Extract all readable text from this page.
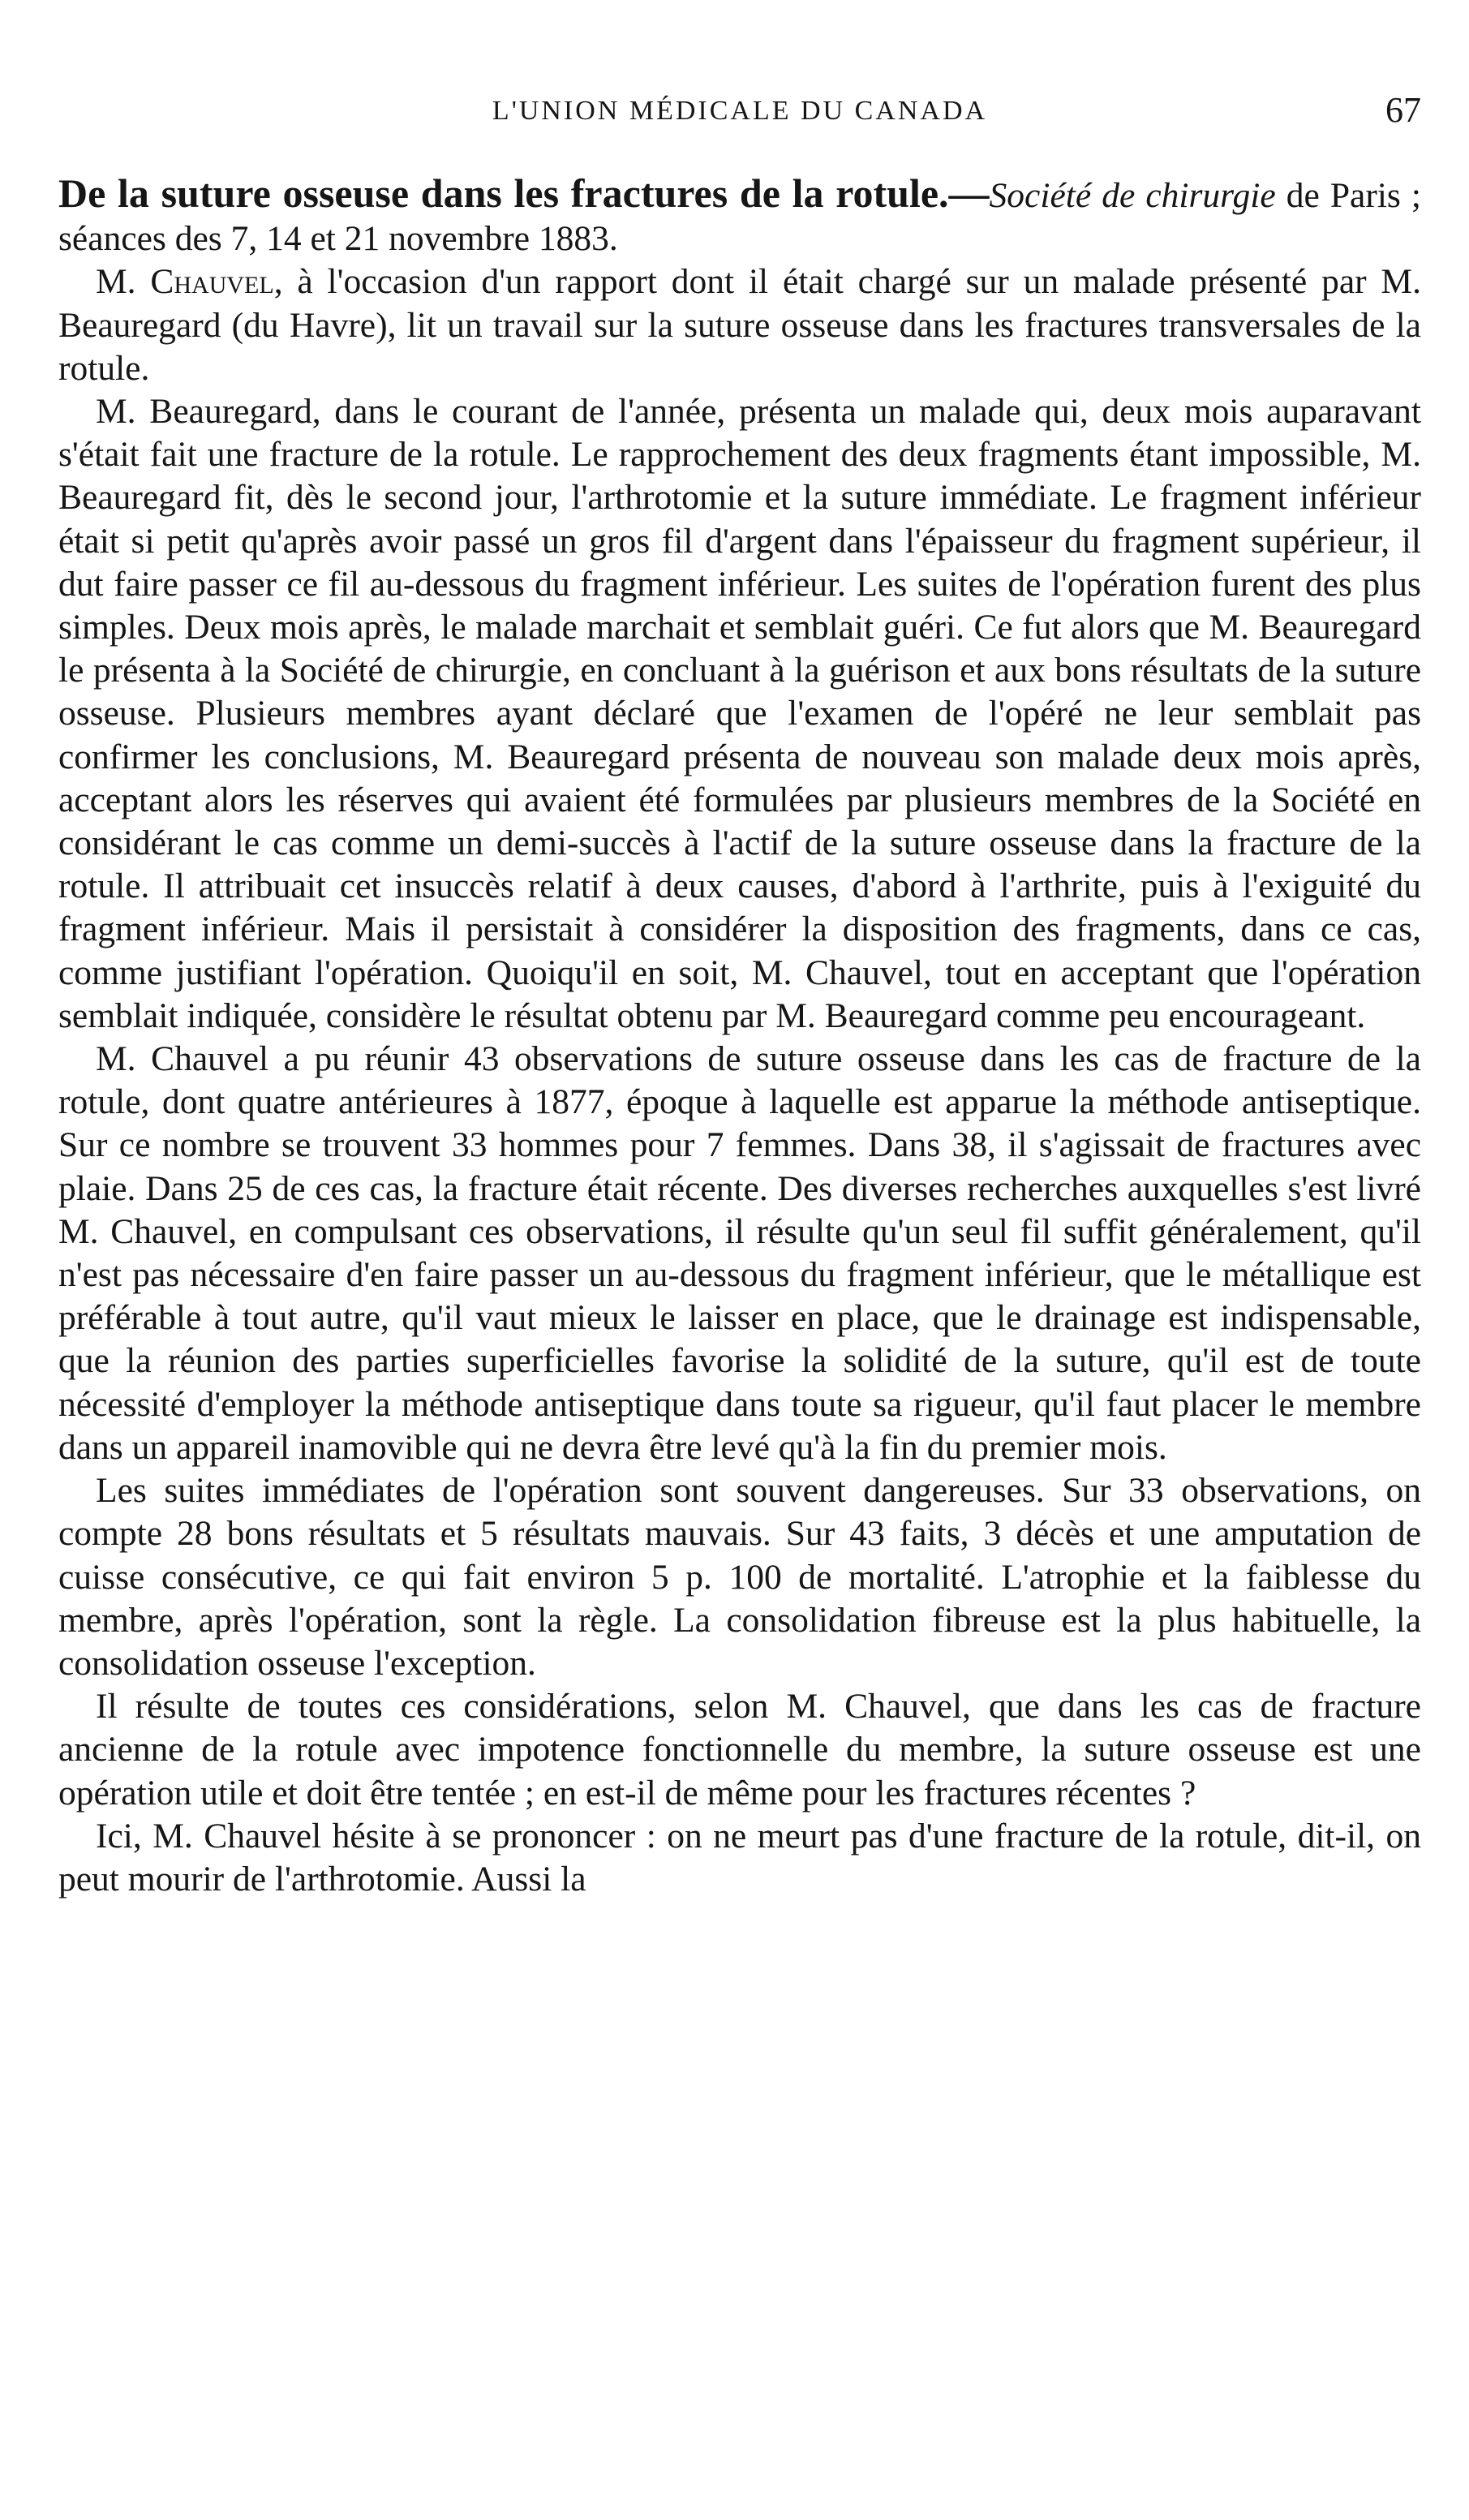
L'UNION MÉDICALE DU CANADA	67

De la suture osseuse dans les fractures de la rotule.—Société de chirurgie de Paris ; séances des 7, 14 et 21 novembre 1883.

M. Chauvel, à l'occasion d'un rapport dont il était chargé sur un malade présenté par M. Beauregard (du Havre), lit un travail sur la suture osseuse dans les fractures transversales de la rotule.

M. Beauregard, dans le courant de l'année, présenta un malade qui, deux mois auparavant s'était fait une fracture de la rotule. Le rapprochement des deux fragments étant impossible, M. Beauregard fit, dès le second jour, l'arthrotomie et la suture immédiate. Le fragment inférieur était si petit qu'après avoir passé un gros fil d'argent dans l'épaisseur du fragment supérieur, il dut faire passer ce fil au-dessous du fragment inférieur. Les suites de l'opération furent des plus simples. Deux mois après, le malade marchait et semblait guéri. Ce fut alors que M. Beauregard le présenta à la Société de chirurgie, en concluant à la guérison et aux bons résultats de la suture osseuse. Plusieurs membres ayant déclaré que l'examen de l'opéré ne leur semblait pas confirmer les conclusions, M. Beauregard présenta de nouveau son malade deux mois après, acceptant alors les réserves qui avaient été formulées par plusieurs membres de la Société en considérant le cas comme un demi-succès à l'actif de la suture osseuse dans la fracture de la rotule. Il attribuait cet insuccès relatif à deux causes, d'abord à l'arthrite, puis à l'exiguité du fragment inférieur. Mais il persistait à considérer la disposition des fragments, dans ce cas, comme justifiant l'opération. Quoiqu'il en soit, M. Chauvel, tout en acceptant que l'opération semblait indiquée, considère le résultat obtenu par M. Beauregard comme peu encourageant.

M. Chauvel a pu réunir 43 observations de suture osseuse dans les cas de fracture de la rotule, dont quatre antérieures à 1877, époque à laquelle est apparue la méthode antiseptique. Sur ce nombre se trouvent 33 hommes pour 7 femmes. Dans 38, il s'agissait de fractures avec plaie. Dans 25 de ces cas, la fracture était récente. Des diverses recherches auxquelles s'est livré M. Chauvel, en compulsant ces observations, il résulte qu'un seul fil suffit généralement, qu'il n'est pas nécessaire d'en faire passer un au-dessous du fragment inférieur, que le métallique est préférable à tout autre, qu'il vaut mieux le laisser en place, que le drainage est indispensable, que la réunion des parties superficielles favorise la solidité de la suture, qu'il est de toute nécessité d'employer la méthode antiseptique dans toute sa rigueur, qu'il faut placer le membre dans un appareil inamovible qui ne devra être levé qu'à la fin du premier mois.

Les suites immédiates de l'opération sont souvent dangereuses. Sur 33 observations, on compte 28 bons résultats et 5 résultats mauvais. Sur 43 faits, 3 décès et une amputation de cuisse consécutive, ce qui fait environ 5 p. 100 de mortalité. L'atrophie et la faiblesse du membre, après l'opération, sont la règle. La consolidation fibreuse est la plus habituelle, la consolidation osseuse l'exception.

Il résulte de toutes ces considérations, selon M. Chauvel, que dans les cas de fracture ancienne de la rotule avec impotence fonctionnelle du membre, la suture osseuse est une opération utile et doit être tentée ; en est-il de même pour les fractures récentes ?

Ici, M. Chauvel hésite à se prononcer : on ne meurt pas d'une fracture de la rotule, dit-il, on peut mourir de l'arthrotomie. Aussi la
